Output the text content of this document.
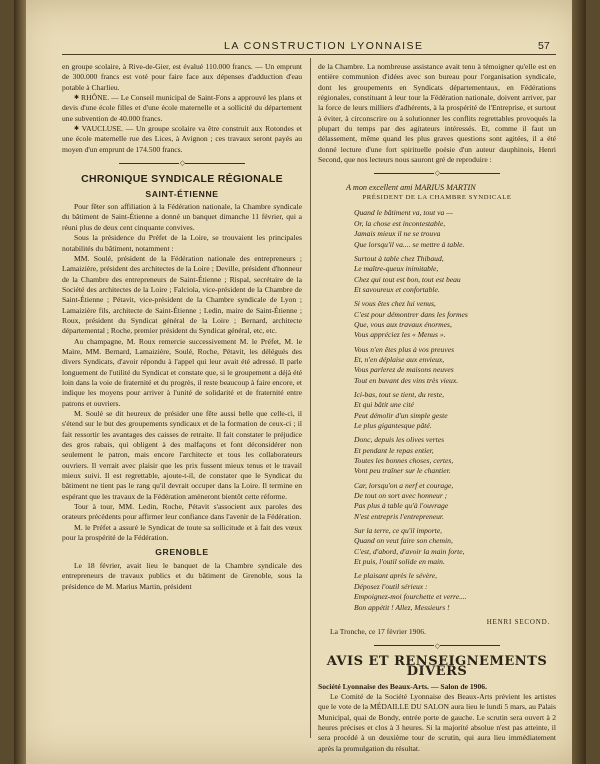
LA CONSTRUCTION LYONNAISE	57

en groupe scolaire, à Rive-de-Gier, est évalué 110.000 francs. — Un emprunt de 300.000 francs est voté pour faire face aux dépenses d'adduction d'eau potable à Charlieu.

✱ RHÔNE. — Le Conseil municipal de Saint-Fons a approuvé les plans et devis d'une école filles et d'une école maternelle et a sollicité du département une subvention de 40.000 francs.

✱ VAUCLUSE. — Un groupe scolaire va être construit aux Rotondes et une école maternelle rue des Lices, à Avignon ; ces travaux seront payés au moyen d'un emprunt de 174.500 francs.

◇
CHRONIQUE SYNDICALE RÉGIONALE
SAINT-ÉTIENNE

Pour fêter son affiliation à la Fédération nationale, la Chambre syndicale du bâtiment de Saint-Étienne a donné un banquet dimanche 11 février, qui a réuni plus de deux cent cinquante convives.

Sous la présidence du Préfet de la Loire, se trouvaient les principales notabilités du bâtiment, notamment :

MM. Soulé, président de la Fédération nationale des entrepreneurs ; Lamaizière, président des architectes de la Loire ; Deville, président d'honneur de la Chambre des entrepreneurs de Saint-Étienne ; Rispal, secrétaire de la Société des architectes de la Loire ; Falciola, vice-président de la Chambre de Saint-Étienne ; Pétavit, vice-président de la Chambre syndicale de Lyon ; Lamaizière fils, architecte de Saint-Étienne ; Ledin, maire de Saint-Étienne ; Roux, président du Syndicat général de la Loire ; Bernard, architecte départemental ; Roche, premier président du Syndicat général, etc, etc.

Au champagne, M. Roux remercie successivement M. le Préfet, M. le Maire, MM. Bernard, Lamaizière, Soulé, Roche, Pétavit, les délégués des divers Syndicats, d'avoir répondu à l'appel qui leur avait été adressé. Il parle longuement de l'utilité du Syndicat et constate que, si le groupement a déjà été loin dans la voie de fraternité et du progrès, il reste beaucoup à faire encore, et indique les moyens pour arriver à l'unité de solidarité et de fraternité entre patrons et ouvriers.

M. Soulé se dit heureux de présider une fête aussi belle que celle-ci, il s'étend sur le but des groupements syndicaux et de la formation de ceux-ci ; il fait ressortir les avantages des caisses de retraite. Il fait constater le préjudice des gros rabais, qui obligent à des malfaçons et font déconsidérer non seulement le patron, mais encore l'architecte et tous les collaborateurs ouvriers. Il verrait avec plaisir que les prix fussent mieux tenus et le travail mieux suivi. Il est regrettable, ajoute-t-il, de constater que le Syndicat du bâtiment ne tient pas le rang qu'il devrait occuper dans la Loire. Il termine en espérant que les travaux de la Fédération amèneront bientôt cette réforme.

Tour à tour, MM. Ledin, Roche, Pétavit s'associent aux paroles des orateurs précédents pour affirmer leur confiance dans l'avenir de la Fédération.

M. le Préfet a assuré le Syndicat de toute sa sollicitude et à fait des vœux pour la prospérité de la Fédération.

GRENOBLE

Le 18 février, avait lieu le banquet de la Chambre syndicale des entrepreneurs de travaux publics et du bâtiment de Grenoble, sous la présidence de M. Marius Martin, président

de la Chambre. La nombreuse assistance avait tenu à témoigner qu'elle est en entière communion d'idées avec son bureau pour l'organisation syndicale, dont les groupements en Syndicats départementaux, en Fédérations régionales, constituant à leur tour la Fédération nationale, doivent arriver, par la force de leurs milliers d'adhérents, à la prospérité de l'Entreprise, et surtout à éviter, à circonscrire ou à solutionner les conflits regrettables provoqués la plupart du temps par des agitateurs intéressés. Et, comme il faut un délassement, même quand les plus graves questions sont agitées, il a été donné lecture d'une fort spirituelle poésie d'un auteur dauphinois, Henri Second, que nos lecteurs nous sauront gré de reproduire :

◇
A mon excellent ami MARIUS MARTIN
PRÉSIDENT DE LA CHAMBRE SYNDICALE

Quand le bâtiment va, tout va —

Or, la chose est incontestable,

Jamais mieux il ne se trouva

Que lorsqu'il va.... se mettre à table.

Surtout à table chez Thibaud,

Le maître-queux inimitable,

Chez qui tout est bon, tout est beau

Et savoureux et confortable.

Si vous êtes chez lui venus,

C'est pour démontrer dans les formes

Que, vous aux travaux énormes,

Vous appréciez les « Menus ».

Vous n'en êtes plus à vos preuves

Et, n'en déplaise aux envieux,

Vous parlerez de maisons neuves

Tout en buvant des vins très vieux.

Ici-bas, tout se tient, du reste,

Et qui bâtit une cité

Peut démolir d'un simple geste

Le plus gigantesque pâté.

Donc, depuis les olives vertes

Et pendant le repas entier,

Toutes les bonnes choses, certes,

Vont peu traîner sur le chantier.

Car, lorsqu'on a nerf et courage,

De tout on sort avec honneur ;

Pas plus à table qu'à l'ouvrage

N'est entrepris l'entrepreneur.

Sur la terre, ce qu'il importe,

Quand on veut faire son chemin,

C'est, d'abord, d'avoir la main forte,

Et puis, l'outil solide en main.

Le plaisant après le sévère,

Déposez l'outil sérieux :

Empoignez-moi fourchette et verre....

Bon appétit ! Allez, Messieurs !

HENRI SECOND.

La Tronche, ce 17 février 1906.

◇
AVIS ET RENSEIGNEMENTS DIVERS

Société Lyonnaise des Beaux-Arts. — Salon de 1906.

Le Comité de la Société Lyonnaise des Beaux-Arts prévient les artistes que le vote de la MÉDAILLE DU SALON aura lieu le lundi 5 mars, au Palais Municipal, quai de Bondy, entrée porte de gauche. Le scrutin sera ouvert à 2 heures précises et clos à 3 heures. Si la majorité absolue n'est pas atteinte, il sera procédé à un deuxième tour de scrutin, qui aura lieu immédiatement après la promulgation du résultat.
